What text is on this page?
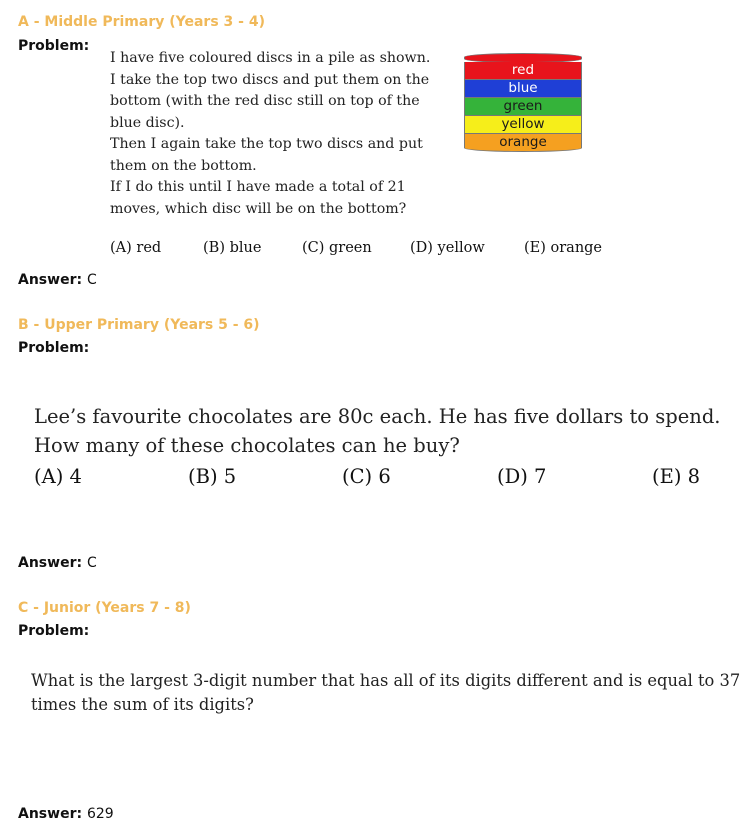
A - Middle Primary (Years 3 - 4)
Problem:

I have five coloured discs in a pile as shown.

I take the top two discs and put them on the bottom (with the red disc still on top of the blue disc).

Then I again take the top two discs and put them on the bottom.

If I do this until I have made a total of 21 moves, which disc will be on the bottom?

red
blue
green
yellow
orange
(A) red	(B) blue	(C) green	(D) yellow	(E) orange
Answer: C
B - Upper Primary (Years 5 - 6)
Problem:
Lee’s favourite chocolates are 80c each. He has five dollars to spend. How many of these chocolates can he buy?
(A) 4	(B) 5	(C) 6	(D) 7	(E) 8
Answer: C
C - Junior (Years 7 - 8)
Problem:
What is the largest 3-digit number that has all of its digits different and is equal to 37 times the sum of its digits?
Answer: 629
